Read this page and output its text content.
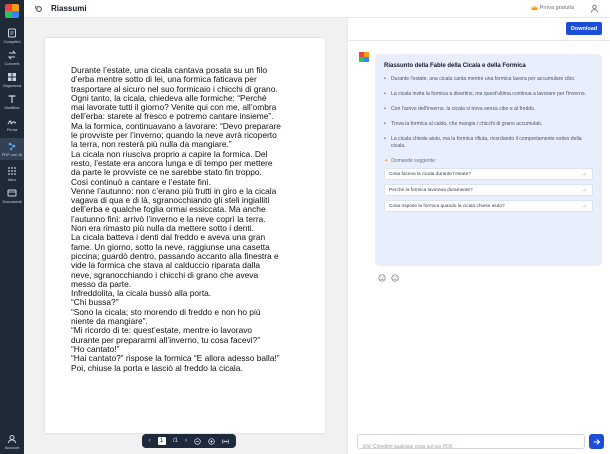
Compitini
Converti
Organizza
Modifica
Firma
PDF con IA
Altro
Documenti
Account
Riassumi	Prova gratuita
Durante l’estate, una cicala cantava posata su un filo
d’erba mentre sotto di lei, una formica faticava per
trasportare al sicuro nel suo formicaio i chicchi di grano.
Ogni tanto, la cicala, chiedeva alle formiche: “Perché
mai lavorate tutti il giorno? Venite qui con me, all’ombra
dell’erba: starete al fresco e potremo cantare insieme”.
Ma la formica, continuavano a lavorare: “Devo preparare
le provviste per l’inverno; quando la neve avrà ricoperto
la terra, non resterà più nulla da mangiare.”
La cicala non riusciva proprio a capire la formica. Del
resto, l’estate era ancora lunga e di tempo per mettere
da parte le provviste ce ne sarebbe stato fin troppo.
Così continuò a cantare e l’estate finì.
Venne l’autunno: non c’erano più frutti in giro e la cicala
vagava di qua e di là, sgranocchiando gli steli ingialliti
dell’erba e qualche foglia ormai essiccata. Ma anche
l’autunno finì: arrivò l’inverno e la neve coprì la terra.
Non era rimasto più nulla da mettere sotto i denti.
La cicala batteva i denti dal freddo e aveva una gran
fame. Un giorno, sotto la neve, raggiunse una casetta
piccina; guardò dentro, passando accanto alla finestra e
vide la formica che stava al calduccio riparata dalla
neve, sgranocchiando i chicchi di grano che aveva
messo da parte.
Infreddolita, la cicala bussò alla porta.
“Chi bussa?”
“Sono la cicala; sto morendo di freddo e non ho più
niente da mangiare”.
“Mi ricordo di te: quest’estate, mentre io lavoravo
durante per prepararmi all’inverno, tu cosa facevi?”
“Ho cantato!”
“Hai cantato?” rispose la formica “E allora adesso balla!”
Poi, chiuse la porta e lasciò al freddo la cicala.
‹	1	/1 ›
Download
Riassunto della Fable della Cicala e della Formica
•	Durante l'estate, una cicala canta mentre una formica lavora per accumulare cibo.
•	La cicala invita la formica a divertirsi, ma quest'ultima continua a lavorare per l'inverno.
•	Con l'arrivo dell'inverno, la cicala si trova senza cibo e al freddo.
•	Trova la formica al caldo, che mangia i chicchi di grano accumulati.
•	La cicala chiede aiuto, ma la formica rifiuta, ricordando il comportamento estivo della cicala.
✦ Domande suggerite:
Cosa faceva la cicala durante l'estate?	→
Perché la formica lavorava duramente?	→
Cosa rispose la formica quando la cicala chiese aiuto?	→
Ehi! Chiedimi qualsiasi cosa sul tuo PDF.
